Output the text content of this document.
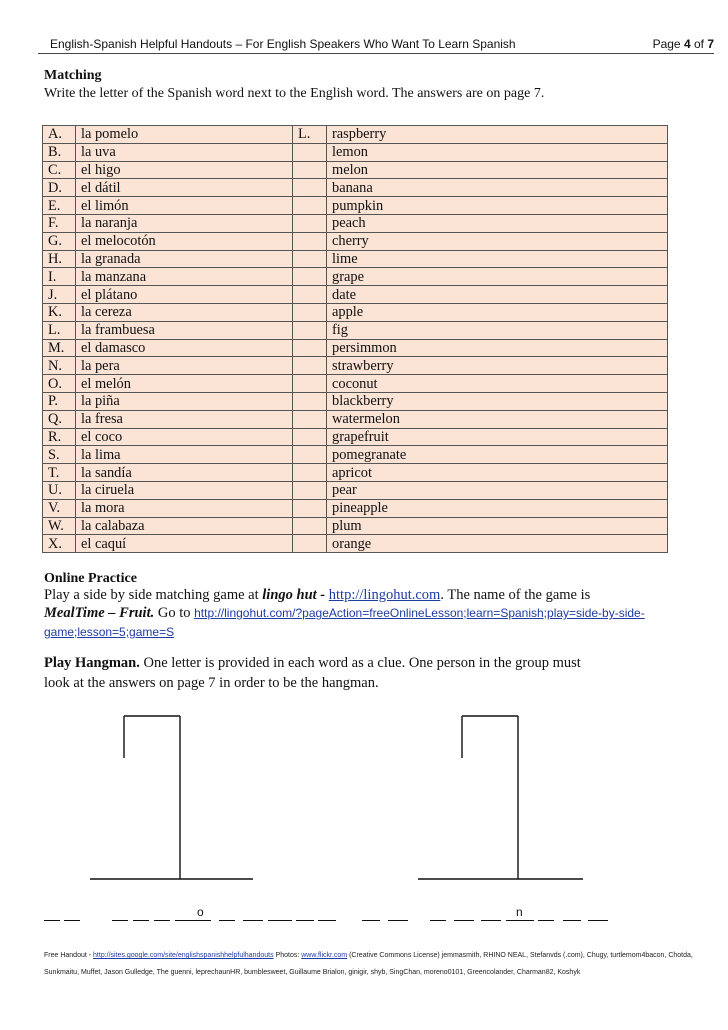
English-Spanish Helpful Handouts – For English Speakers Who Want To Learn Spanish	Page 4 of 7
Matching
Write the letter of the Spanish word next to the English word. The answers are on page 7.
A.	la pomelo	L.	raspberry
B.	la uva		lemon
C.	el higo		melon
D.	el dátil		banana
E.	el limón		pumpkin
F.	la naranja		peach
G.	el melocotón		cherry
H.	la granada		lime
I.	la manzana		grape
J.	el plátano		date
K.	la cereza		apple
L.	la frambuesa		fig
M.	el damasco		persimmon
N.	la pera		strawberry
O.	el melón		coconut
P.	la piña		blackberry
Q.	la fresa		watermelon
R.	el coco		grapefruit
S.	la lima		pomegranate
T.	la sandía		apricot
U.	la ciruela		pear
V.	la mora		pineapple
W.	la calabaza		plum
X.	el caquí		orange
Online Practice
Play a side by side matching game at lingo hut - http://lingohut.com. The name of the game is
MealTime – Fruit. Go to http://lingohut.com/?pageAction=freeOnlineLesson;learn=Spanish;play=side-by-side-
game;lesson=5;game=S
Play Hangman. One letter is provided in each word as a clue. One person in the group must
look at the answers on page 7 in order to be the hangman.
o	n
Free Handout - http://sites.google.com/site/englishspanishhelpfulhandouts Photos: www.flickr.com (Creative Commons License) jemmasmith, RHINO NEAL, Stefanvds (.com), Chugy, turtlemom4bacon, Chotda,
Sunkmaitu, Muffet, Jason Gulledge, The guenni, leprechaunHR, bumblesweet, Guillaume Brialon, ginigir, shyb, SingChan, moreno0101, Greencolander, Charman82, Koshyk
